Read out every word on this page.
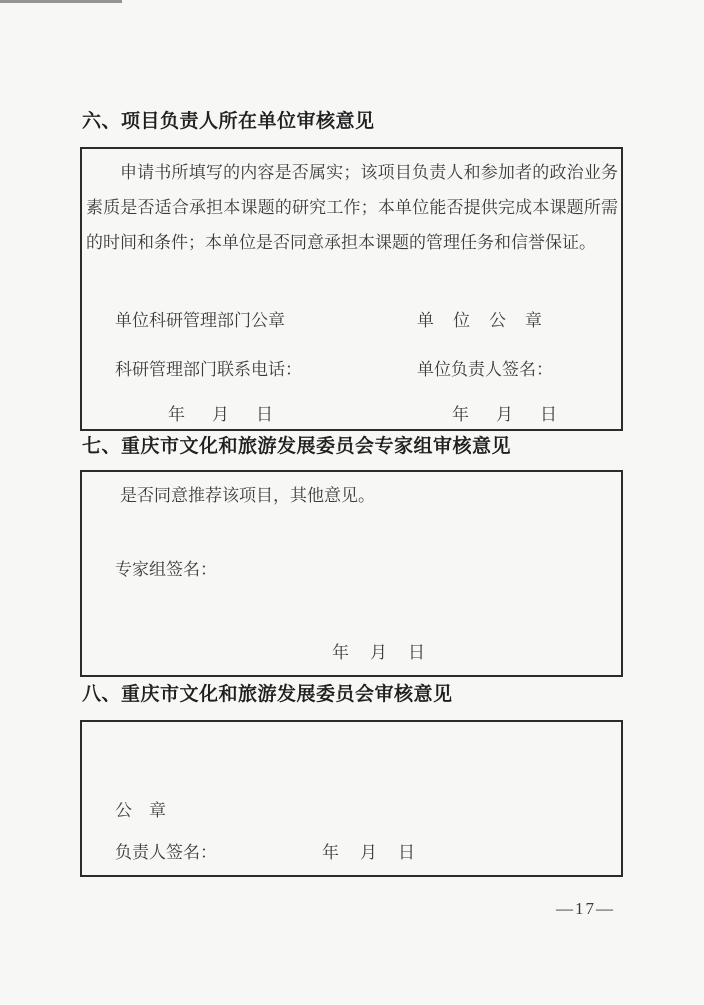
六、项目负责人所在单位审核意见

申请书所填写的内容是否属实；该项目负责人和参加者的政治业务素质是否适合承担本课题的研究工作；本单位能否提供完成本课题所需的时间和条件；本单位是否同意承担本课题的管理任务和信誉保证。

单位科研管理部门公章	单　位　公　章
科研管理部门联系电话：	单位负责人签名：
年　月　日	年　月　日
七、重庆市文化和旅游发展委员会专家组审核意见

是否同意推荐该项目，其他意见。

专家组签名：
年　月　日
八、重庆市文化和旅游发展委员会审核意见
公　章
负责人签名：	年　月　日
—17—
